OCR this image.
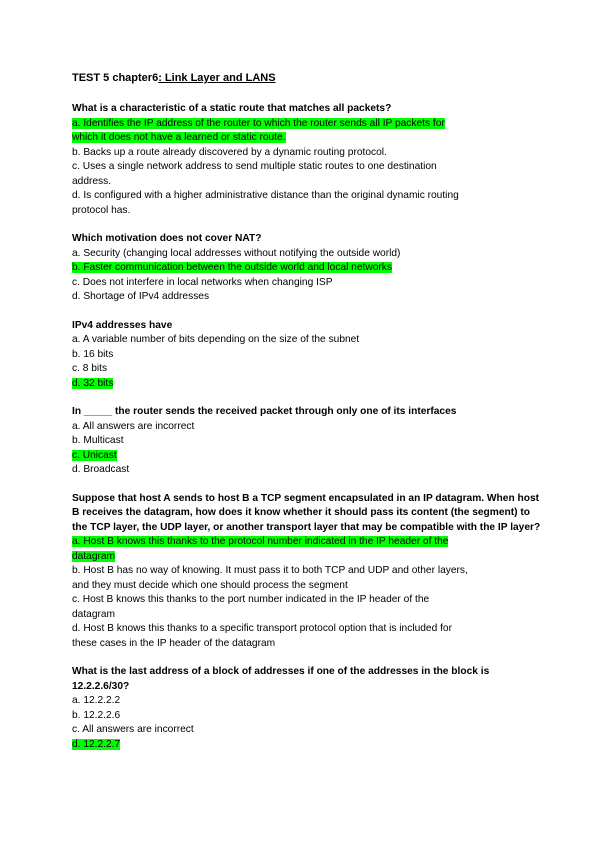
TEST 5 chapter6: Link Layer and LANS

What is a characteristic of a static route that matches all packets?

a. Identifies the IP address of the router to which the router sends all IP packets for

which it does not have a learned or static route.

b. Backs up a route already discovered by a dynamic routing protocol.

c. Uses a single network address to send multiple static routes to one destination

address.

d. Is configured with a higher administrative distance than the original dynamic routing

protocol has.

Which motivation does not cover NAT?

a. Security (changing local addresses without notifying the outside world)

b. Faster communication between the outside world and local networks

c. Does not interfere in local networks when changing ISP

d. Shortage of IPv4 addresses

IPv4 addresses have

a. A variable number of bits depending on the size of the subnet

b. 16 bits

c. 8 bits

d. 32 bits

In _____ the router sends the received packet through only one of its interfaces

a. All answers are incorrect

b. Multicast

c. Unicast

d. Broadcast

Suppose that host A sends to host B a TCP segment encapsulated in an IP datagram. When host B receives the datagram, how does it know whether it should pass its content (the segment) to the TCP layer, the UDP layer, or another transport layer that may be compatible with the IP layer?

a. Host B knows this thanks to the protocol number indicated in the IP header of the

datagram

b. Host B has no way of knowing. It must pass it to both TCP and UDP and other layers,

and they must decide which one should process the segment

c. Host B knows this thanks to the port number indicated in the IP header of the

datagram

d. Host B knows this thanks to a specific transport protocol option that is included for

these cases in the IP header of the datagram

What is the last address of a block of addresses if one of the addresses in the block is 12.2.2.6/30?

a. 12.2.2.2

b. 12.2.2.6

c. All answers are incorrect

d. 12.2.2.7
